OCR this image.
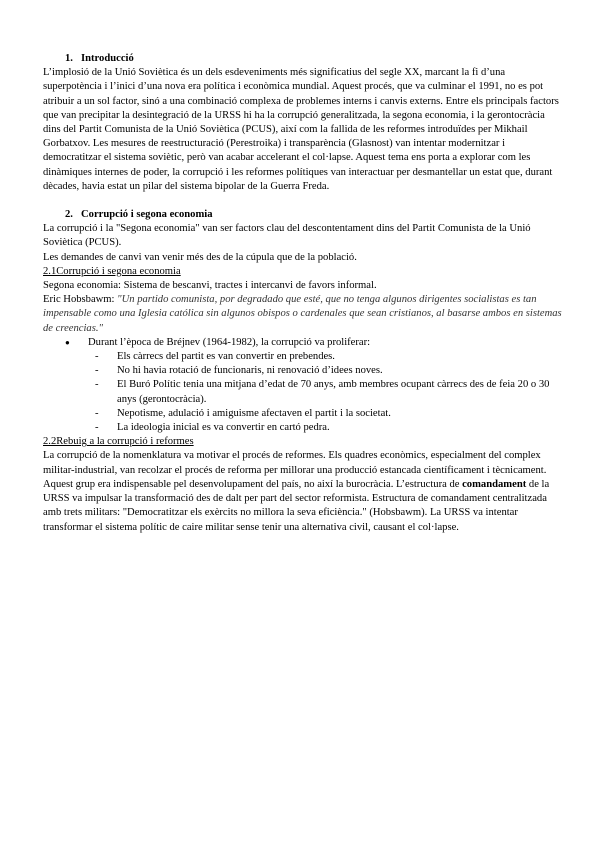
1. Introducció

L’implosió de la Unió Soviètica és un dels esdeveniments més significatius del segle XX, marcant la fi d’una superpotència i l’inici d’una nova era política i econòmica mundial. Aquest procés, que va culminar el 1991, no es pot atribuir a un sol factor, sinó a una combinació complexa de problemes interns i canvis externs. Entre els principals factors que van precipitar la desintegració de la URSS hi ha la corrupció generalitzada, la segona economia, i la gerontocràcia dins del Partit Comunista de la Unió Soviètica (PCUS), així com la fallida de les reformes introduïdes per Mikhail Gorbatxov. Les mesures de reestructuració (Perestroika) i transparència (Glasnost) van intentar modernitzar i democratitzar el sistema soviètic, però van acabar accelerant el col·lapse. Aquest tema ens porta a explorar com les dinàmiques internes de poder, la corrupció i les reformes polítiques van interactuar per desmantellar un estat que, durant dècades, havia estat un pilar del sistema bipolar de la Guerra Freda.

2. Corrupció i segona economia

La corrupció i la "Segona economia" van ser factors clau del descontentament dins del Partit Comunista de la Unió Soviètica (PCUS).

Les demandes de canvi van venir més des de la cúpula que de la població.

2.1Corrupció i segona economia

Segona economia: Sistema de bescanvi, tractes i intercanvi de favors informal.

Eric Hobsbawm: "Un partido comunista, por degradado que esté, que no tenga algunos dirigentes socialistas es tan impensable como una Iglesia católica sin algunos obispos o cardenales que sean cristianos, al basarse ambos en sistemas de creencias."

● Durant l’època de Bréjnev (1964-1982), la corrupció va proliferar:
- Els càrrecs del partit es van convertir en prebendes.
- No hi havia rotació de funcionaris, ni renovació d’idees noves.
- El Buró Polític tenia una mitjana d’edat de 70 anys, amb membres ocupant càrrecs des de feia 20 o 30 anys (gerontocràcia).
- Nepotisme, adulació i amiguisme afectaven el partit i la societat.
- La ideologia inicial es va convertir en cartó pedra.

2.2Rebuig a la corrupció i reformes

La corrupció de la nomenklatura va motivar el procés de reformes. Els quadres econòmics, especialment del complex militar-industrial, van recolzar el procés de reforma per millorar una producció estancada científicament i tècnicament. Aquest grup era indispensable pel desenvolupament del país, no així la burocràcia. L’estructura de comandament de la URSS va impulsar la transformació des de dalt per part del sector reformista. Estructura de comandament centralitzada amb trets militars: "Democratitzar els exèrcits no millora la seva eficiència." (Hobsbawm). La URSS va intentar transformar el sistema polític de caire militar sense tenir una alternativa civil, causant el col·lapse.
